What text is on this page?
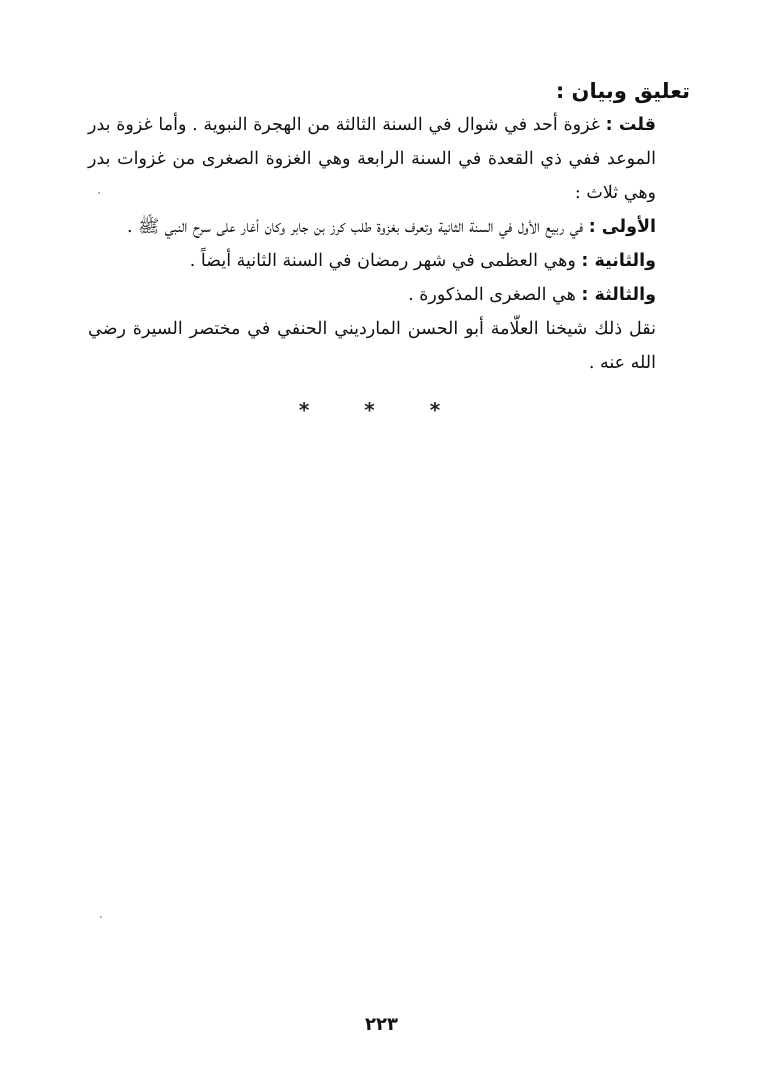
تعليق وبيان :

قلت : غزوة أحد في شوال في السنة الثالثة من الهجرة النبوية . وأما غزوة بدر الموعد ففي ذي القعدة في السنة الرابعة وهي الغزوة الصغرى من غزوات بدر وهي ثلاث :

الأولى : في ربيع الأول في السنة الثانية وتعرف بغزوة طلب كرز بن جابر وكان أغار على سرح النبي ﷺ .

والثانية : وهي العظمى في شهر رمضان في السنة الثانية أيضاً .

والثالثة : هي الصغرى المذكورة .

نقل ذلك شيخنا العلّامة أبو الحسن المارديني الحنفي في مختصر السيرة رضي الله عنه .

* * *
٢٢٣
